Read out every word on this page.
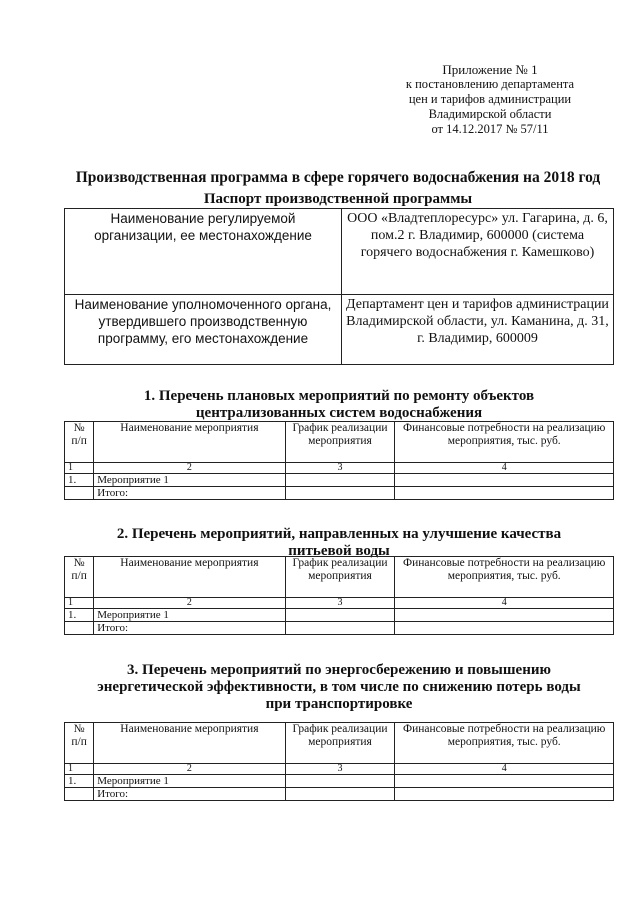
Приложение № 1
к постановлению департамента
цен и тарифов администрации
Владимирской области
от 14.12.2017 № 57/11
Производственная программа в сфере горячего водоснабжения на 2018 год
Паспорт производственной программы
Наименование регулируемой организации, ее местонахождение	ООО «Владтеплоресурс» ул. Гагарина, д. 6, пом.2 г. Владимир, 600000 (система горячего водоснабжения г. Камешково)
Наименование уполномоченного органа, утвердившего производственную программу, его местонахождение	Департамент цен и тарифов администрации Владимирской области, ул. Каманина, д. 31, г. Владимир, 600009
1. Перечень плановых мероприятий по ремонту объектов
централизованных систем водоснабжения
№ п/п	Наименование мероприятия	График реализации мероприятия	Финансовые потребности на реализацию мероприятия, тыс. руб.
1	2	3	4
1.	Мероприятие 1		
	Итого:		
2. Перечень мероприятий, направленных на улучшение качества
питьевой воды
№ п/п	Наименование мероприятия	График реализации мероприятия	Финансовые потребности на реализацию мероприятия, тыс. руб.
1	2	3	4
1.	Мероприятие 1		
	Итого:		
3. Перечень мероприятий по энергосбережению и повышению
энергетической эффективности, в том числе по снижению потерь воды
при транспортировке
№ п/п	Наименование мероприятия	График реализации мероприятия	Финансовые потребности на реализацию мероприятия, тыс. руб.
1	2	3	4
1.	Мероприятие 1		
	Итого:		
